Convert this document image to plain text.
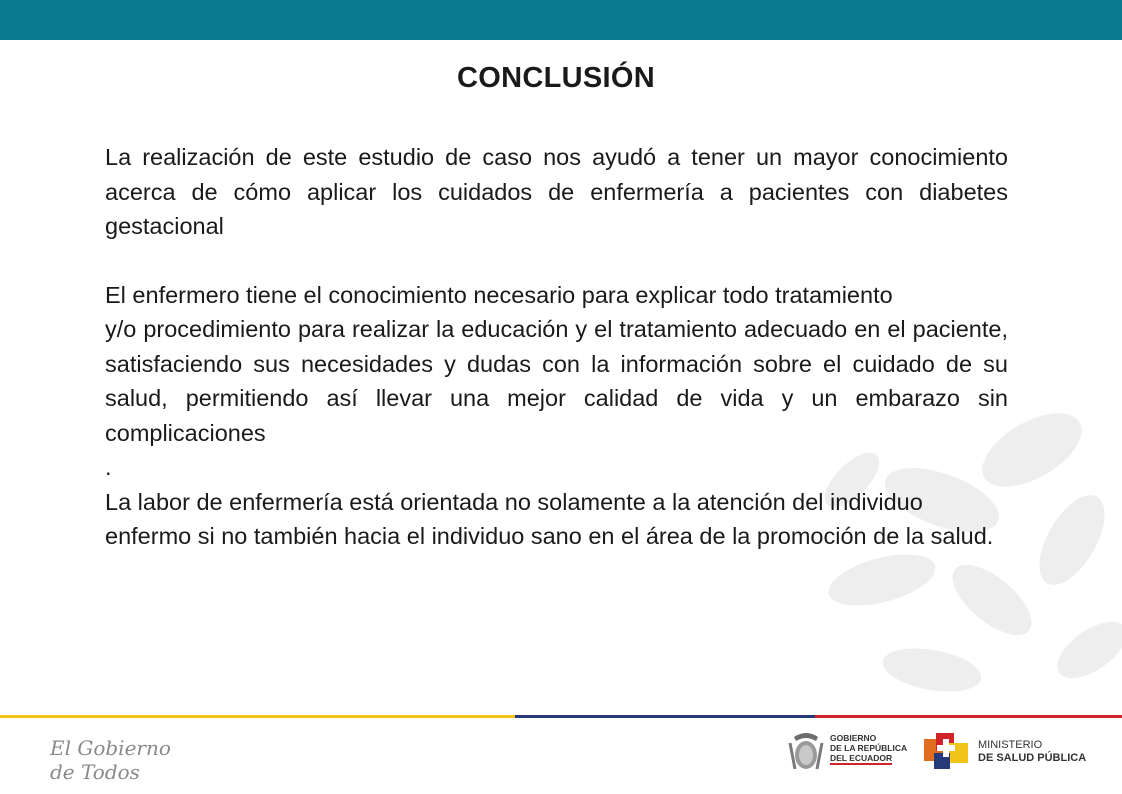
CONCLUSIÓN

La realización de este estudio de caso nos ayudó a tener un mayor conocimiento acerca de cómo aplicar los cuidados de enfermería a pacientes con diabetes gestacional

El enfermero tiene el conocimiento necesario para explicar todo tratamiento

y/o procedimiento para realizar la educación y el tratamiento adecuado en el paciente, satisfaciendo sus necesidades y dudas con la información sobre el cuidado de su salud, permitiendo así llevar una mejor calidad de vida y un embarazo sin complicaciones

.

La labor de enfermería está orientada no solamente a la atención del individuo enfermo si no también hacia el individuo sano en el área de la promoción de la salud.

El Gobierno
de Todos
GOBIERNO
DE LA REPÚBLICA
DEL ECUADOR
MINISTERIO
DE SALUD PÚBLICA
